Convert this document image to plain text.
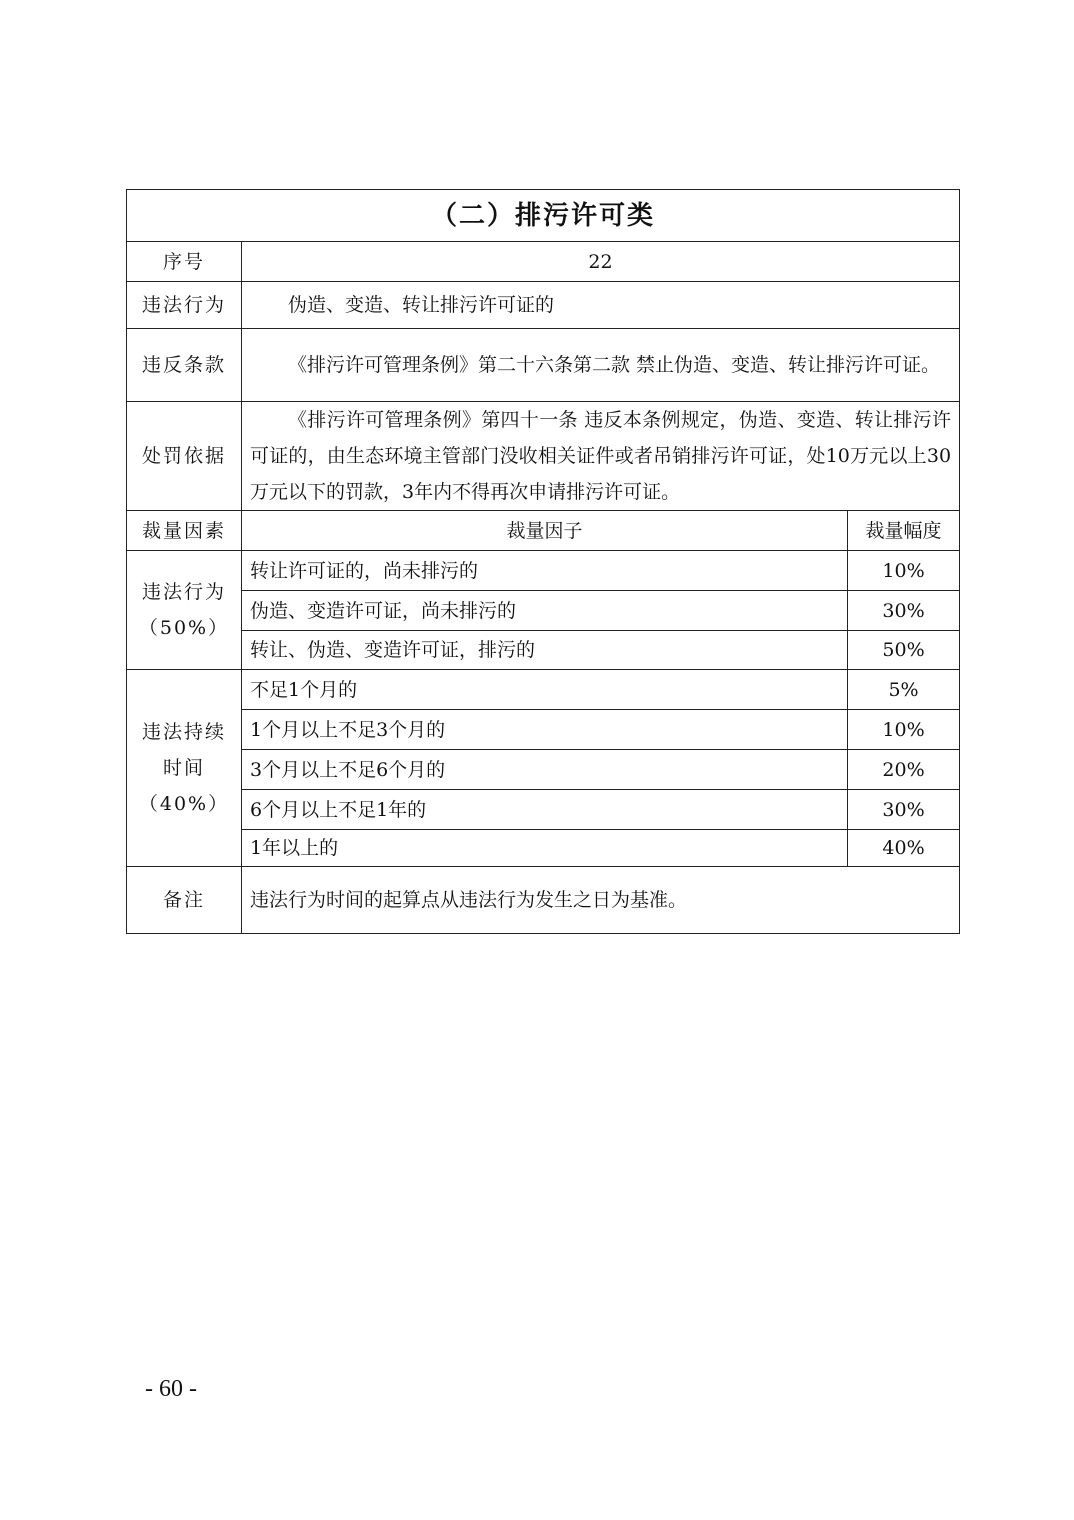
（二）排污许可类		
序号	22	
违法行为	伪造、变造、转让排污许可证的	
违反条款	《排污许可管理条例》第二十六条第二款 禁止伪造、变造、转让排污许可证。	
处罚依据	《排污许可管理条例》第四十一条 违反本条例规定，伪造、变造、转让排污许可证的，由生态环境主管部门没收相关证件或者吊销排污许可证，处10万元以上30万元以下的罚款，3年内不得再次申请排污许可证。	
裁量因素	裁量因子	裁量幅度
违法行为
（50%）	转让许可证的，尚未排污的	10%
	伪造、变造许可证，尚未排污的	30%
	转让、伪造、变造许可证，排污的	50%
违法持续
时间
（40%）	不足1个月的	5%
	1个月以上不足3个月的	10%
	3个月以上不足6个月的	20%
	6个月以上不足1年的	30%
	1年以上的	40%
备注	违法行为时间的起算点从违法行为发生之日为基准。	
- 60 -
